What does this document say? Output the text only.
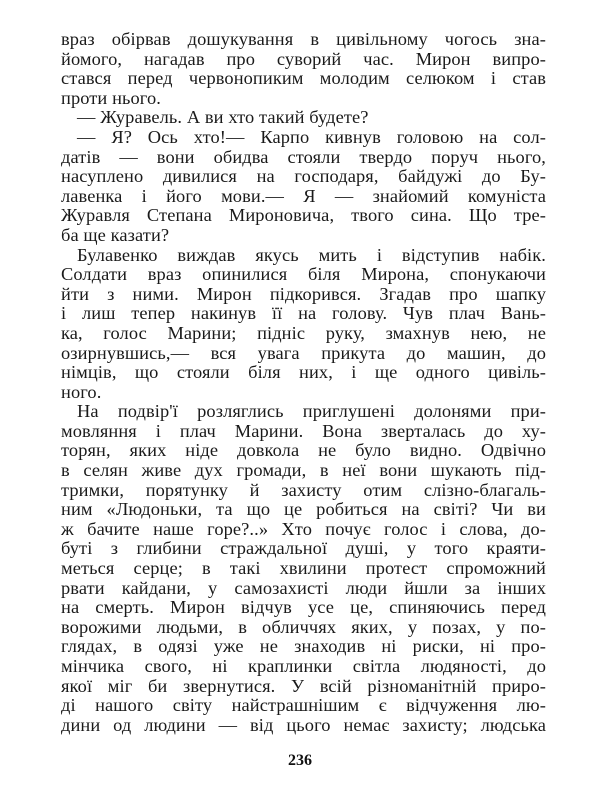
враз обірвав дошукування в цивільному чогось зна-
йомого, нагадав про суворий час. Мирон випро-
стався перед червонопиким молодим селюком і став
проти нього.
— Журавель. А ви хто такий будете?
— Я? Ось хто!— Карпо кивнув головою на сол-
датів — вони обидва стояли твердо поруч нього,
насуплено дивилися на господаря, байдужі до Бу-
лавенка і його мови.— Я — знайомий комуніста
Журавля Степана Мироновича, твого сина. Що тре-
ба ще казати?
Булавенко виждав якусь мить і відступив набік.
Солдати враз опинилися біля Мирона, спонукаючи
йти з ними. Мирон підкорився. Згадав про шапку
і лиш тепер накинув її на голову. Чув плач Вань-
ка, голос Марини; підніс руку, змахнув нею, не
озирнувшись,— вся увага прикута до машин, до
німців, що стояли біля них, і ще одного цивіль-
ного.
На подвір'ї розляглись приглушені долонями при-
мовляння і плач Марини. Вона зверталась до ху-
торян, яких ніде довкола не було видно. Одвічно
в селян живе дух громади, в неї вони шукають під-
тримки, порятунку й захисту отим слізно-благаль-
ним «Людоньки, та що це робиться на світі? Чи ви
ж бачите наше горе?..» Хто почує голос і слова, до-
буті з глибини страждальної душі, у того краяти-
меться серце; в такі хвилини протест спроможний
рвати кайдани, у самозахисті люди йшли за інших
на смерть. Мирон відчув усе це, спиняючись перед
ворожими людьми, в обличчях яких, у позах, у по-
глядах, в одязі уже не знаходив ні риски, ні про-
мінчика свого, ні краплинки світла людяності, до
якої міг би звернутися. У всій різноманітній приро-
ді нашого світу найстрашнішим є відчуження лю-
дини од людини — від цього немає захисту; людська
236
